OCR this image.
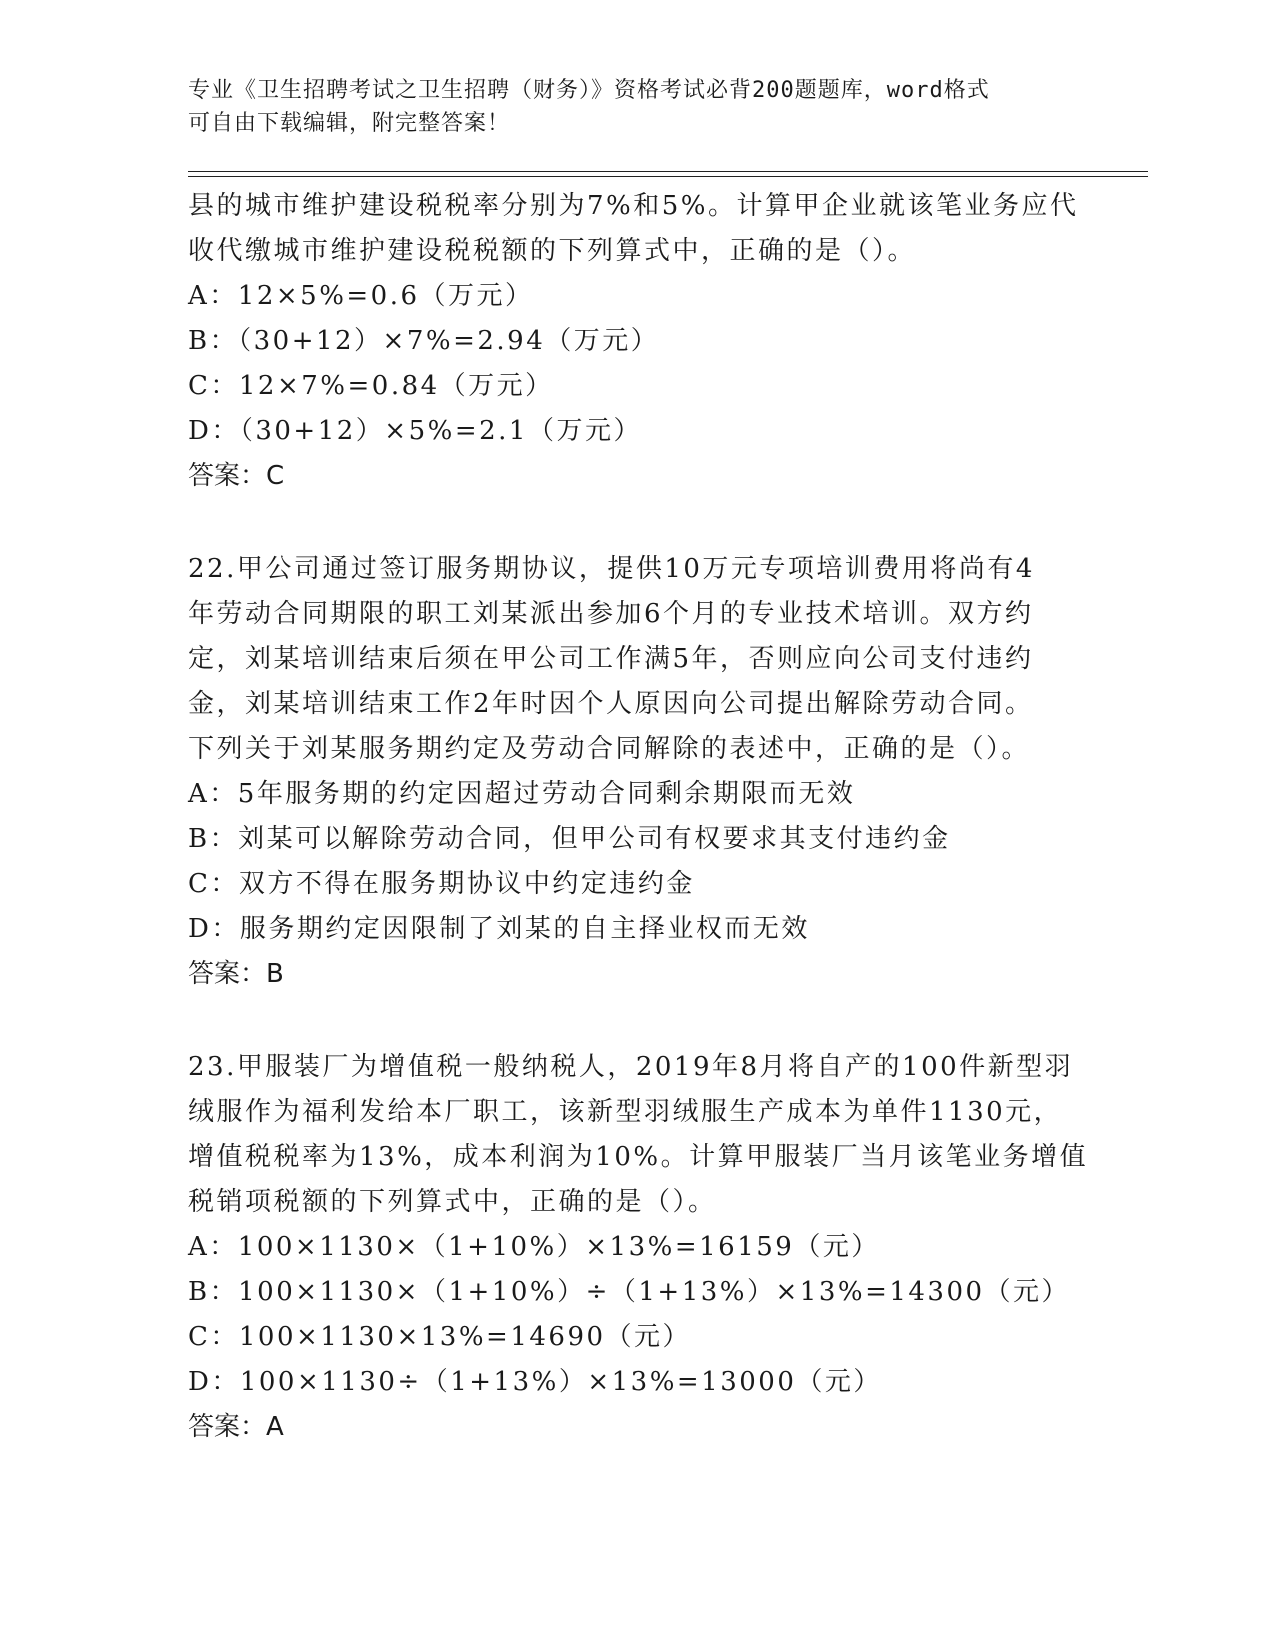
专业《卫生招聘考试之卫生招聘（财务）》资格考试必背200题题库，word格式
可自由下载编辑，附完整答案！
县的城市维护建设税税率分别为7%和5%。计算甲企业就该笔业务应代
收代缴城市维护建设税税额的下列算式中，正确的是（）。
A：12×5%=0.6（万元）
B：（30+12）×7%=2.94（万元）
C：12×7%=0.84（万元）
D：（30+12）×5%=2.1（万元）
答案：C
22.甲公司通过签订服务期协议，提供10万元专项培训费用将尚有4
年劳动合同期限的职工刘某派出参加6个月的专业技术培训。双方约
定，刘某培训结束后须在甲公司工作满5年，否则应向公司支付违约
金，刘某培训结束工作2年时因个人原因向公司提出解除劳动合同。
下列关于刘某服务期约定及劳动合同解除的表述中，正确的是（）。
A：5年服务期的约定因超过劳动合同剩余期限而无效
B：刘某可以解除劳动合同，但甲公司有权要求其支付违约金
C：双方不得在服务期协议中约定违约金
D：服务期约定因限制了刘某的自主择业权而无效
答案：B
23.甲服装厂为增值税一般纳税人，2019年8月将自产的100件新型羽
绒服作为福利发给本厂职工，该新型羽绒服生产成本为单件1130元，
增值税税率为13%，成本利润为10%。计算甲服装厂当月该笔业务增值
税销项税额的下列算式中，正确的是（）。
A：100×1130×（1+10%）×13%=16159（元）
B：100×1130×（1+10%）÷（1+13%）×13%=14300（元）
C：100×1130×13%=14690（元）
D：100×1130÷（1+13%）×13%=13000（元）
答案：A
